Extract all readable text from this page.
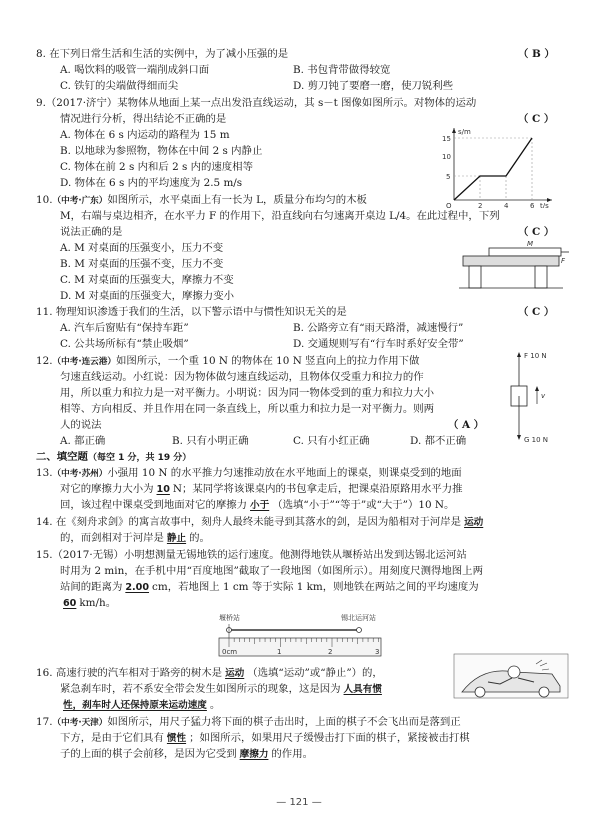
8. 在下列日常生活和生活的实例中，为了减小压强的是	（ B ）
A. 喝饮料的吸管一端削成斜口面	B. 书包背带做得较宽
C. 铁钉的尖端做得细而尖	D. 剪刀钝了要磨一磨，使刀锐利些
9.（2017·济宁）某物体从地面上某一点出发沿直线运动，其 s－t 图像如图所示。对物体的运动
情况进行分析，得出结论不正确的是	（ C ）
A. 物体在 6 s 内运动的路程为 15 m
B. 以地球为参照物，物体在中间 2 s 内静止
C. 物体在前 2 s 内和后 2 s 内的速度相等
D. 物体在 6 s 内的平均速度为 2.5 m/s
s/m
t/s
O
5
10
15
2	4	6
10.（中考·广东）如图所示，水平桌面上有一长为 L，质量分布均匀的木板
M，右端与桌边相齐，在水平力 F 的作用下，沿直线向右匀速离开桌边 L/4。在此过程中，下列
说法正确的是	（ C ）
A. M 对桌面的压强变小，压力不变
B. M 对桌面的压强不变，压力不变
C. M 对桌面的压强变大，摩擦力不变
D. M 对桌面的压强变大，摩擦力变小
M
F
11. 物理知识渗透于我们的生活，以下警示语中与惯性知识无关的是	（ C ）
A. 汽车后窗贴有“保持车距”	B. 公路旁立有“雨天路滑，减速慢行”
C. 公共场所标有“禁止吸烟”	D. 交通规则写有“行车时系好安全带”
12.（中考·连云港）如图所示，一个重 10 N 的物体在 10 N 竖直向上的拉力作用下做
匀速直线运动。小红说：因为物体做匀速直线运动，且物体仅受重力和拉力的作
用，所以重力和拉力是一对平衡力。小明说：因为同一物体受到的重力和拉力大小
相等、方向相反、并且作用在同一条直线上，所以重力和拉力是一对平衡力。则两
人的说法	（ A ）
A. 都正确	B. 只有小明正确	C. 只有小红正确	D. 都不正确
F 10 N
G 10 N
v
二、填空题（每空 1 分，共 19 分）
13.（中考·苏州）小强用 10 N 的水平推力匀速推动放在水平地面上的课桌，则课桌受到的地面
对它的摩擦力大小为 10 N；某同学将该课桌内的书包拿走后，把课桌沿原路用水平力推
回，该过程中课桌受到地面对它的摩擦力 小于 （选填“小于”“等于”或“大于”）10 N。
14. 在《刻舟求剑》的寓言故事中，刻舟人最终未能寻到其落水的剑，是因为船相对于河岸是 运动
的，而剑相对于河岸是 静止 的。
15.（2017·无锡）小明想测量无锡地铁的运行速度。他测得地铁从堰桥站出发到达锡北运河站
时用为 2 min，在手机中用“百度地图”截取了一段地图（如图所示）。用刻度尺测得地图上两
站间的距离为 2.00 cm，若地图上 1 cm 等于实际 1 km，则地铁在两站之间的平均速度为
60 km/h。
堰桥站	锡北运河站
0cm	1	2	3
16. 高速行驶的汽车相对于路旁的树木是 运动 （选填“运动”或“静止”）的，
紧急刹车时，若不系安全带会发生如图所示的现象，这是因为 人具有惯
性，刹车时人还保持原来运动速度 。
17.（中考·天津）如图所示，用尺子猛力将下面的棋子击出时，上面的棋子不会飞出而是落到正
下方，是由于它们具有 惯性 ；如图所示，如果用尺子缓慢击打下面的棋子，紧接被击打棋
子的上面的棋子会前移，是因为它受到 摩擦力 的作用。
— 121 —
